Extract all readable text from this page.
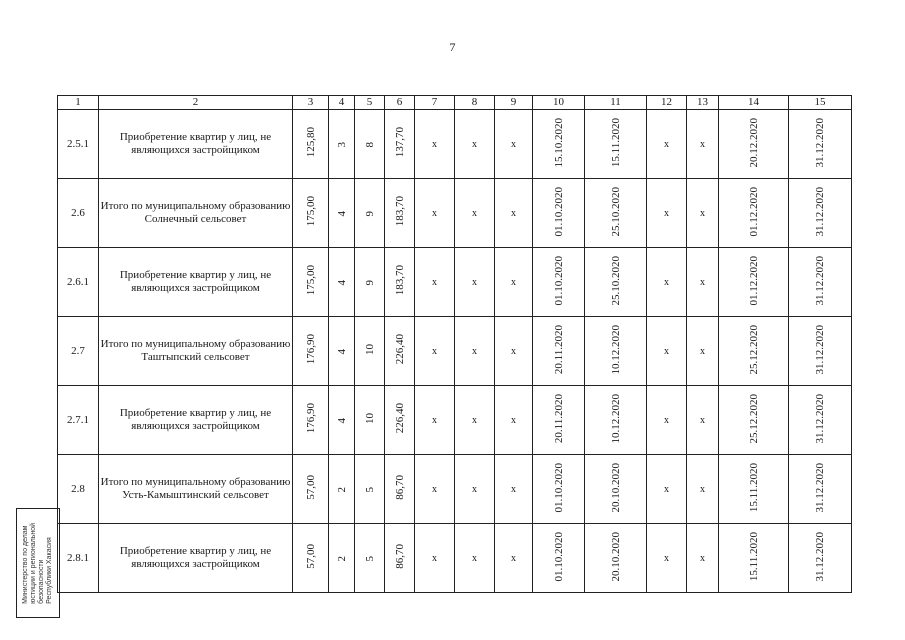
7
1	2	3	4	5	6	7	8	9	10	11	12	13	14	15
2.5.1	Приобретение квартир у лиц, не являющихся застройщиком	125,80	3	8	137,70	х	х	х	15.10.2020	15.11.2020	х	х	20.12.2020	31.12.2020
2.6	Итого по муниципальному образованию Солнечный сельсовет	175,00	4	9	183,70	х	х	х	01.10.2020	25.10.2020	х	х	01.12.2020	31.12.2020
2.6.1	Приобретение квартир у лиц, не являющихся застройщиком	175,00	4	9	183,70	х	х	х	01.10.2020	25.10.2020	х	х	01.12.2020	31.12.2020
2.7	Итого по муниципальному образованию Таштыпский сельсовет	176,90	4	10	226,40	х	х	х	20.11.2020	10.12.2020	х	х	25.12.2020	31.12.2020
2.7.1	Приобретение квартир у лиц, не являющихся застройщиком	176,90	4	10	226,40	х	х	х	20.11.2020	10.12.2020	х	х	25.12.2020	31.12.2020
2.8	Итого по муниципальному образованию Усть-Камыштинский сельсовет	57,00	2	5	86,70	х	х	х	01.10.2020	20.10.2020	х	х	15.11.2020	31.12.2020
2.8.1	Приобретение квартир у лиц, не являющихся застройщиком	57,00	2	5	86,70	х	х	х	01.10.2020	20.10.2020	х	х	15.11.2020	31.12.2020
Министерство по делам
юстиции и региональной
безопасности
Республики Хакасия
